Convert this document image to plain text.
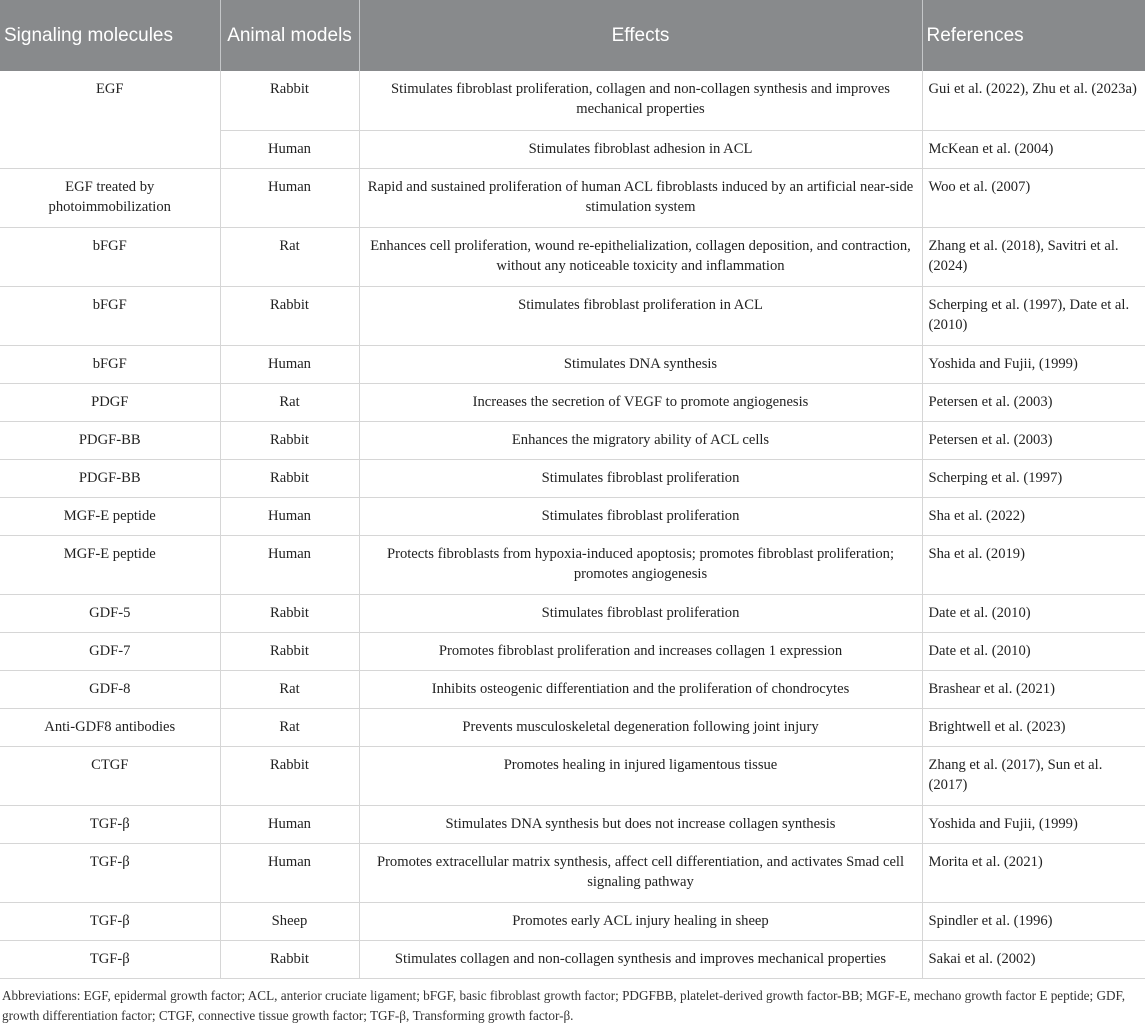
Signaling molecules	Animal models	Effects	References
EGF	Rabbit	Stimulates fibroblast proliferation, collagen and non-collagen synthesis and improves mechanical properties	Gui et al. (2022), Zhu et al. (2023a)
	Human	Stimulates fibroblast adhesion in ACL	McKean et al. (2004)
EGF treated by photoimmobilization	Human	Rapid and sustained proliferation of human ACL fibroblasts induced by an artificial near-side stimulation system	Woo et al. (2007)
bFGF	Rat	Enhances cell proliferation, wound re-epithelialization, collagen deposition, and contraction, without any noticeable toxicity and inflammation	Zhang et al. (2018), Savitri et al. (2024)
bFGF	Rabbit	Stimulates fibroblast proliferation in ACL	Scherping et al. (1997), Date et al. (2010)
bFGF	Human	Stimulates DNA synthesis	Yoshida and Fujii, (1999)
PDGF	Rat	Increases the secretion of VEGF to promote angiogenesis	Petersen et al. (2003)
PDGF-BB	Rabbit	Enhances the migratory ability of ACL cells	Petersen et al. (2003)
PDGF-BB	Rabbit	Stimulates fibroblast proliferation	Scherping et al. (1997)
MGF-E peptide	Human	Stimulates fibroblast proliferation	Sha et al. (2022)
MGF-E peptide	Human	Protects fibroblasts from hypoxia-induced apoptosis; promotes fibroblast proliferation; promotes angiogenesis	Sha et al. (2019)
GDF-5	Rabbit	Stimulates fibroblast proliferation	Date et al. (2010)
GDF-7	Rabbit	Promotes fibroblast proliferation and increases collagen 1 expression	Date et al. (2010)
GDF-8	Rat	Inhibits osteogenic differentiation and the proliferation of chondrocytes	Brashear et al. (2021)
Anti-GDF8 antibodies	Rat	Prevents musculoskeletal degeneration following joint injury	Brightwell et al. (2023)
CTGF	Rabbit	Promotes healing in injured ligamentous tissue	Zhang et al. (2017), Sun et al. (2017)
TGF-β	Human	Stimulates DNA synthesis but does not increase collagen synthesis	Yoshida and Fujii, (1999)
TGF-β	Human	Promotes extracellular matrix synthesis, affect cell differentiation, and activates Smad cell signaling pathway	Morita et al. (2021)
TGF-β	Sheep	Promotes early ACL injury healing in sheep	Spindler et al. (1996)
TGF-β	Rabbit	Stimulates collagen and non-collagen synthesis and improves mechanical properties	Sakai et al. (2002)
Abbreviations: EGF, epidermal growth factor; ACL, anterior cruciate ligament; bFGF, basic fibroblast growth factor; PDGFBB, platelet-derived growth factor-BB; MGF-E, mechano growth factor E peptide; GDF, growth differentiation factor; CTGF, connective tissue growth factor; TGF-β, Transforming growth factor-β.
